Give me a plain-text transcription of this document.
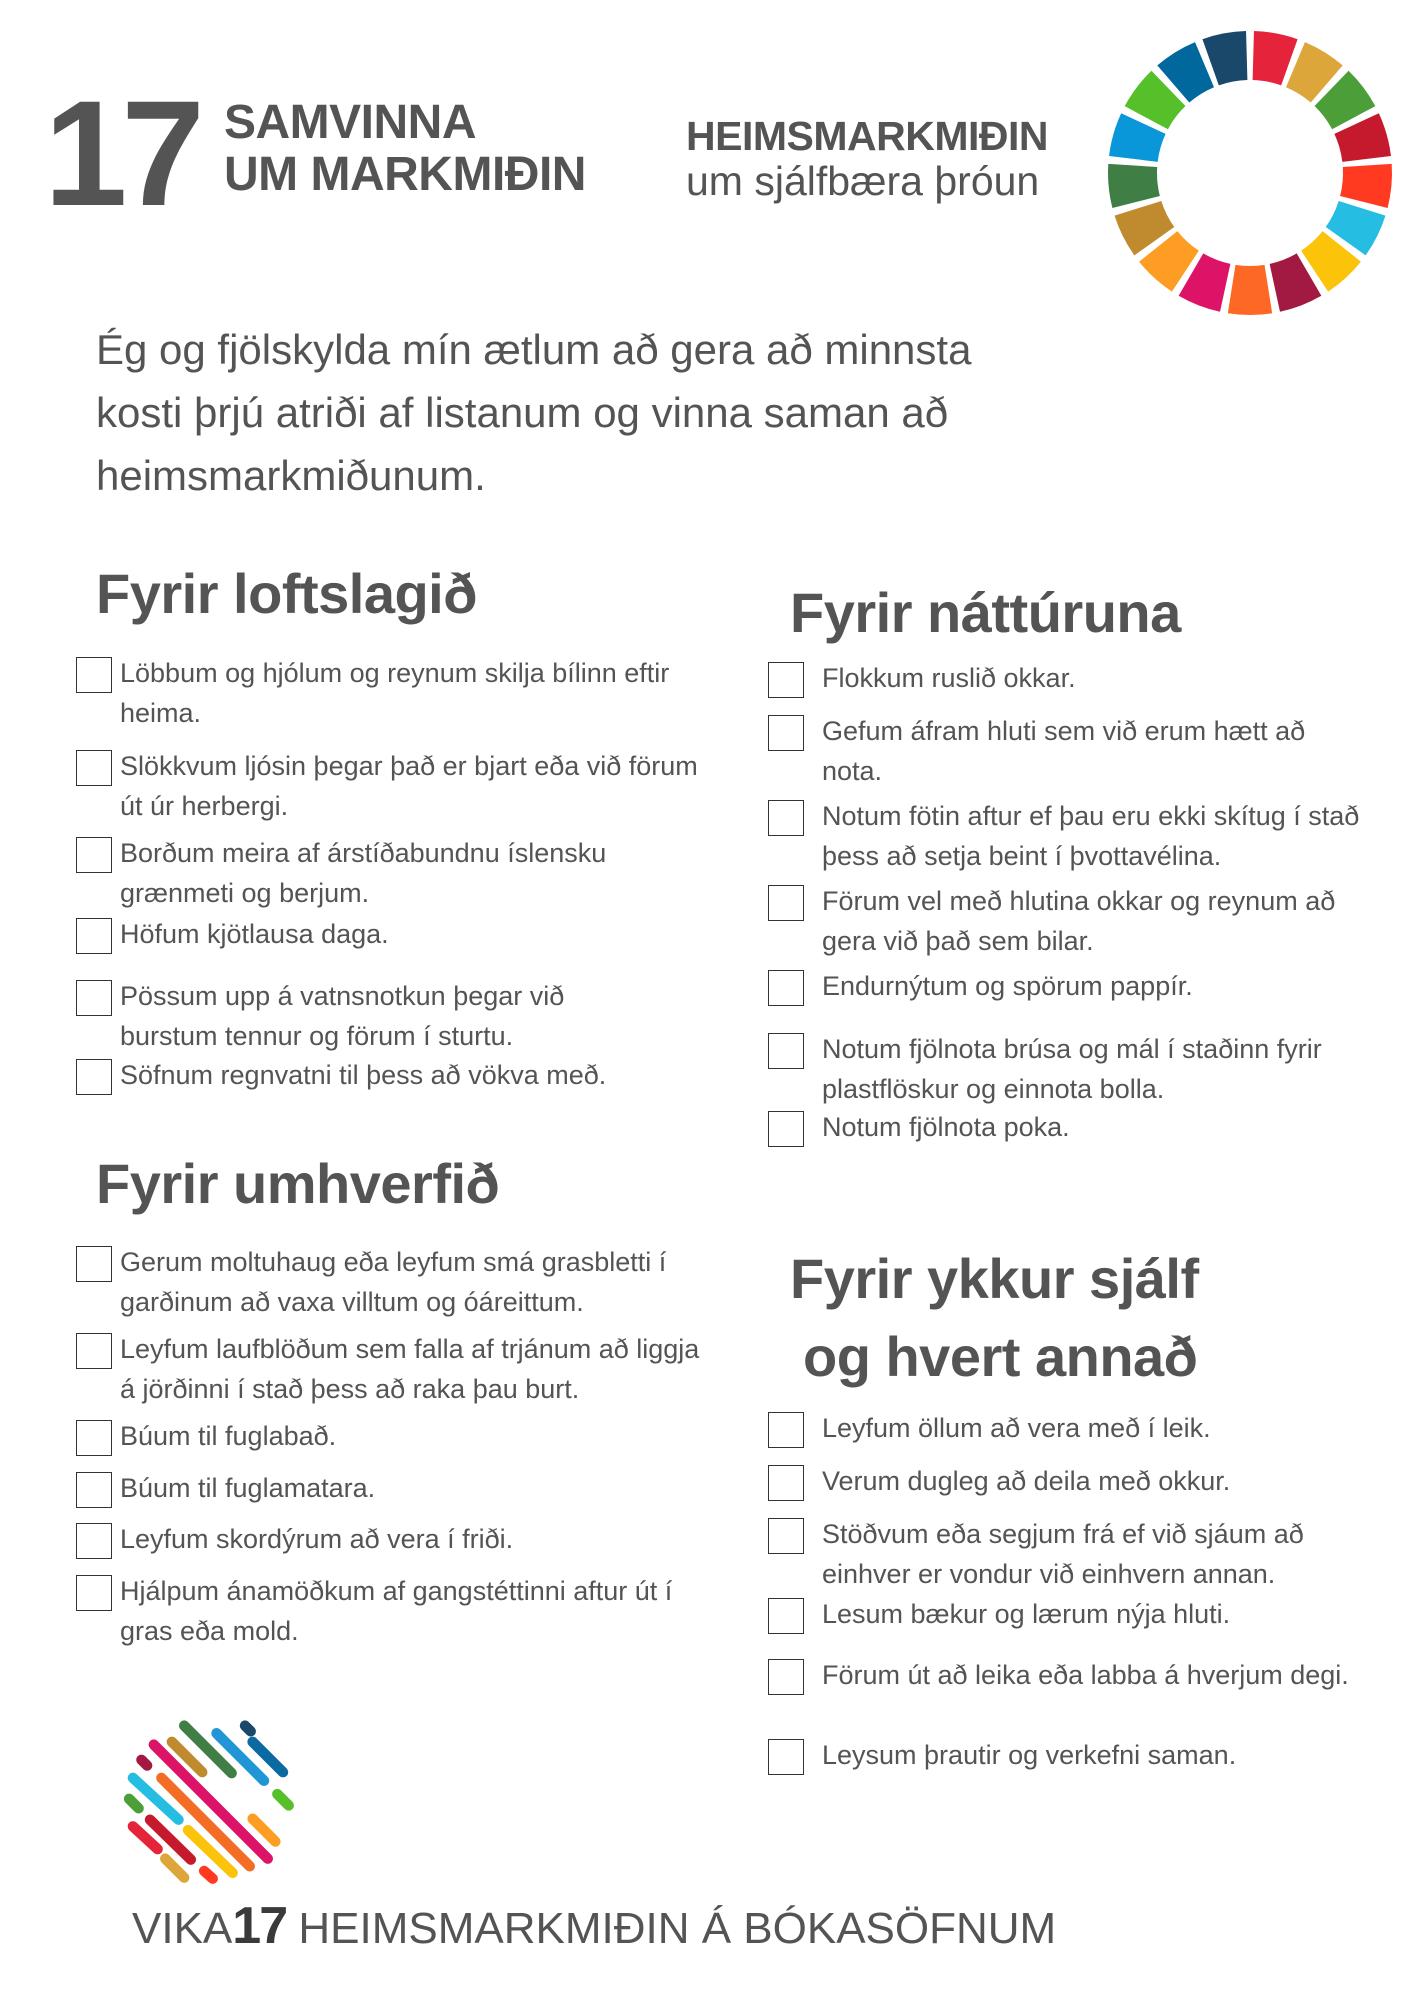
17 SAMVINNA
UM MARKMIÐIN
HEIMSMARKMIÐIN
um sjálfbæra þróun
Ég og fjölskylda mín ætlum að gera að minnsta kosti þrjú atriði af listanum og vinna saman að heimsmarkmiðunum.
Fyrir loftslagið
Löbbum og hjólum og reynum skilja bílinn eftir heima.
Slökkvum ljósin þegar það er bjart eða við förum út úr herbergi.
Borðum meira af árstíðabundnu íslensku grænmeti og berjum.
Höfum kjötlausa daga.
Pössum upp á vatnsnotkun þegar við burstum tennur og förum í sturtu.
Söfnum regnvatni til þess að vökva með.
Fyrir umhverfið
Gerum moltuhaug eða leyfum smá grasbletti í garðinum að vaxa villtum og óáreittum.
Leyfum laufblöðum sem falla af trjánum að liggja á jörðinni í stað þess að raka þau burt.
Búum til fuglabað.
Búum til fuglamatara.
Leyfum skordýrum að vera í friði.
Hjálpum ánamöðkum af gangstéttinni aftur út í gras eða mold.
Fyrir náttúruna
Flokkum ruslið okkar.
Gefum áfram hluti sem við erum hætt að nota.
Notum fötin aftur ef þau eru ekki skítug í stað þess að setja beint í þvottavélina.
Förum vel með hlutina okkar og reynum að gera við það sem bilar.
Endurnýtum og spörum pappír.
Notum fjölnota brúsa og mál í staðinn fyrir plastflöskur og einnota bolla.
Notum fjölnota poka.
Fyrir ykkur sjálf
og hvert annað
Leyfum öllum að vera með í leik.
Verum dugleg að deila með okkur.
Stöðvum eða segjum frá ef við sjáum að einhver er vondur við einhvern annan.
Lesum bækur og lærum nýja hluti.
Förum út að leika eða labba á hverjum degi.
Leysum þrautir og verkefni saman.
VIKA17 HEIMSMARKMIÐIN Á BÓKASÖFNUM
